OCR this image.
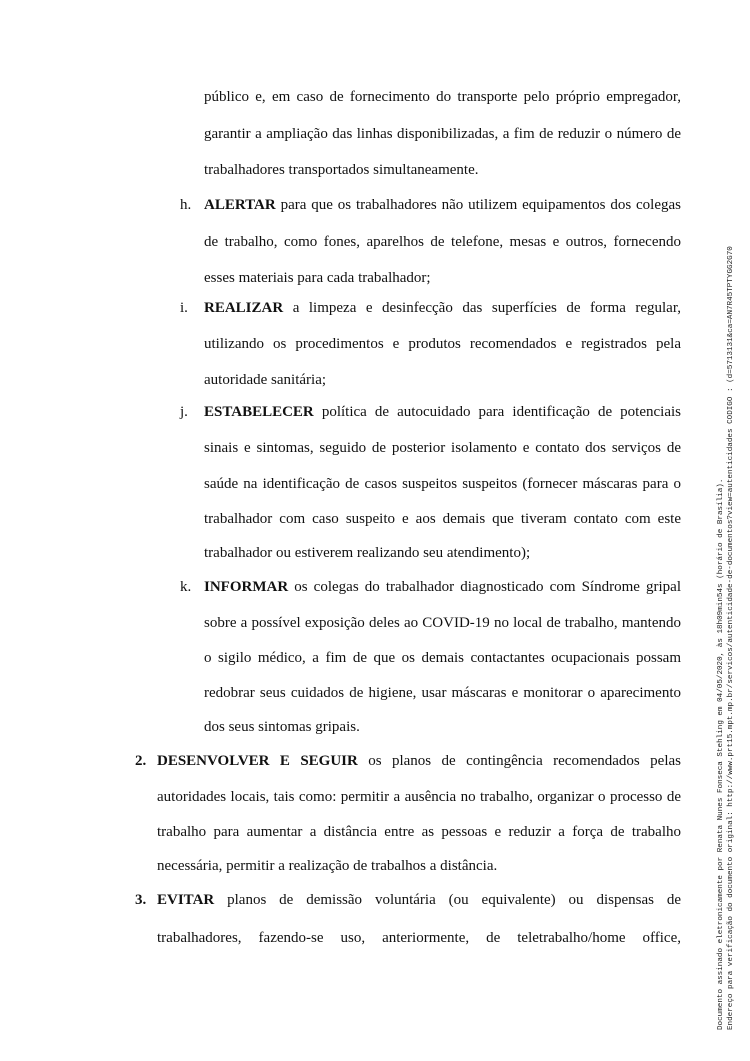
público e, em caso de fornecimento do transporte pelo próprio empregador,
garantir a ampliação das linhas disponibilizadas, a fim de reduzir o número de
trabalhadores transportados simultaneamente.
h. ALERTAR para que os trabalhadores não utilizem equipamentos dos colegas
de trabalho, como fones, aparelhos de telefone, mesas e outros, fornecendo
esses materiais para cada trabalhador;
i. REALIZAR a limpeza e desinfecção das superfícies de forma regular,
utilizando os procedimentos e produtos recomendados e registrados pela
autoridade sanitária;
j. ESTABELECER política de autocuidado para identificação de potenciais
sinais e sintomas, seguido de posterior isolamento e contato dos serviços de
saúde na identificação de casos suspeitos suspeitos (fornecer máscaras para o
trabalhador com caso suspeito e aos demais que tiveram contato com este
trabalhador ou estiverem realizando seu atendimento);
k. INFORMAR os colegas do trabalhador diagnosticado com Síndrome gripal
sobre a possível exposição deles ao COVID-19 no local de trabalho, mantendo
o sigilo médico, a fim de que os demais contactantes ocupacionais possam
redobrar seus cuidados de higiene, usar máscaras e monitorar o aparecimento
dos seus sintomas gripais.
2. DESENVOLVER E SEGUIR os planos de contingência recomendados pelas
autoridades locais, tais como: permitir a ausência no trabalho, organizar o processo de
trabalho para aumentar a distância entre as pessoas e reduzir a força de trabalho
necessária, permitir a realização de trabalhos a distância.
3. EVITAR planos de demissão voluntária (ou equivalente) ou dispensas de
trabalhadores, fazendo-se uso, anteriormente, de teletrabalho/home office,	Documento assinado eletronicamente por Renata Nunes Fonseca Stehling em 04/05/2020, às 18h09min54s (horário de Brasília). Endereço para verificação do documento original: http://www.prt15.mpt.mp.br/servicos/autenticidade-de-documentos?view=autenticidades CODIGO : (d=5713131&ca=AN7R45TPTYGG2G70
